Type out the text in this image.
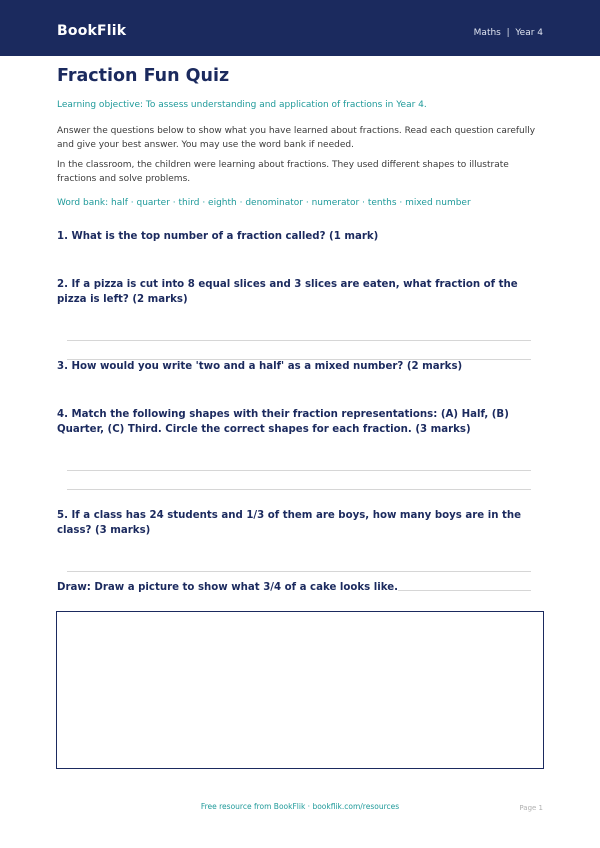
BookFlik	Maths  |  Year 4
Fraction Fun Quiz
Learning objective: To assess understanding and application of fractions in Year 4.
Answer the questions below to show what you have learned about fractions. Read each question carefully and give your best answer. You may use the word bank if needed.
In the classroom, the children were learning about fractions. They used different shapes to illustrate fractions and solve problems.
Word bank: half · quarter · third · eighth · denominator · numerator · tenths · mixed number
1. What is the top number of a fraction called? (1 mark)
2. If a pizza is cut into 8 equal slices and 3 slices are eaten, what fraction of the pizza is left? (2 marks)
3. How would you write 'two and a half' as a mixed number? (2 marks)
4. Match the following shapes with their fraction representations: (A) Half, (B) Quarter, (C) Third. Circle the correct shapes for each fraction. (3 marks)
5. If a class has 24 students and 1/3 of them are boys, how many boys are in the class? (3 marks)
Draw: Draw a picture to show what 3/4 of a cake looks like.
Free resource from BookFlik · bookflik.com/resources	Page 1
